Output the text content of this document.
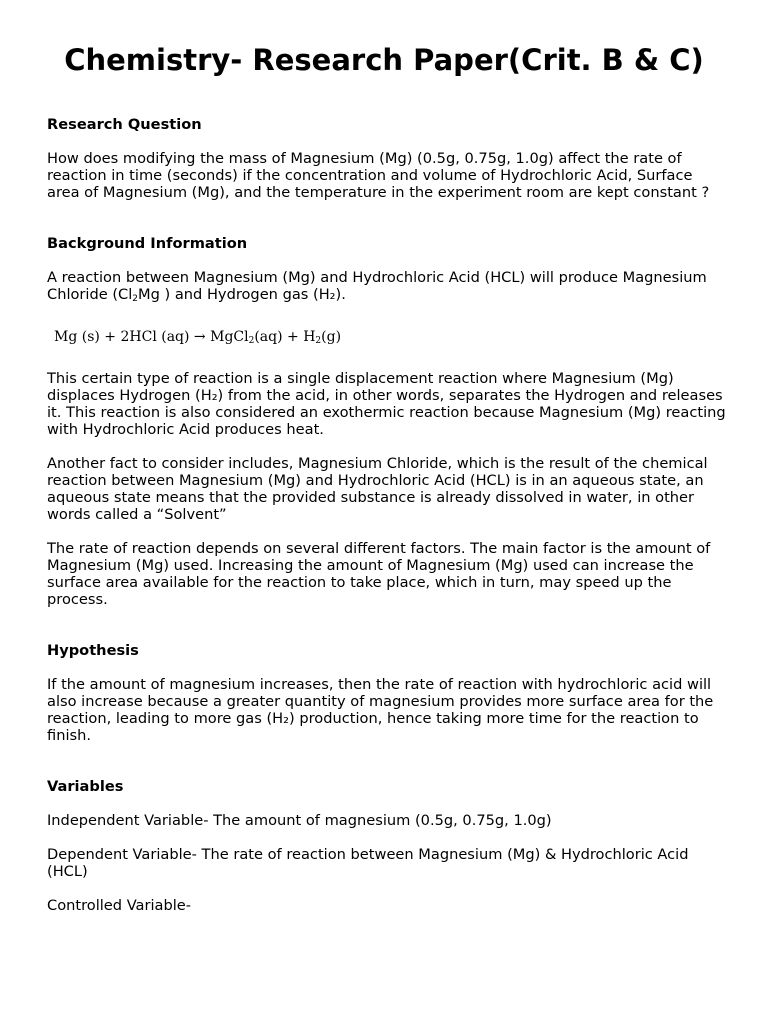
Chemistry- Research Paper(Crit. B & C)
Research Question

How does modifying the mass of Magnesium (Mg) (0.5g, 0.75g, 1.0g) affect the rate of reaction in time (seconds) if the concentration and volume of Hydrochloric Acid, Surface area of Magnesium (Mg), and the temperature in the experiment room are kept constant ?

Background Information

A reaction between Magnesium (Mg) and Hydrochloric Acid (HCL) will produce Magnesium Chloride ($Cl_2Mg$ ) and Hydrogen gas (H₂).

Mg (s) + 2HCl (aq) → MgCl$_2$(aq) + $H_2(g)$

This certain type of reaction is a single displacement reaction where Magnesium (Mg) displaces Hydrogen (H₂) from the acid, in other words, separates the Hydrogen and releases it. This reaction is also considered an exothermic reaction because Magnesium (Mg) reacting with Hydrochloric Acid produces heat.

Another fact to consider includes, Magnesium Chloride, which is the result of the chemical reaction between Magnesium (Mg) and Hydrochloric Acid (HCL) is in an aqueous state, an aqueous state means that the provided substance is already dissolved in water, in other words called a “Solvent”

The rate of reaction depends on several different factors. The main factor is the amount of Magnesium (Mg) used. Increasing the amount of Magnesium (Mg) used can increase the surface area available for the reaction to take place, which in turn, may speed up the process.

Hypothesis

If the amount of magnesium increases, then the rate of reaction with hydrochloric acid will also increase because a greater quantity of magnesium provides more surface area for the reaction, leading to more gas (H₂) production, hence taking more time for the reaction to finish.

Variables

Independent Variable- The amount of magnesium (0.5g, 0.75g, 1.0g)

Dependent Variable- The rate of reaction between Magnesium (Mg) & Hydrochloric Acid (HCL)

Controlled Variable-
